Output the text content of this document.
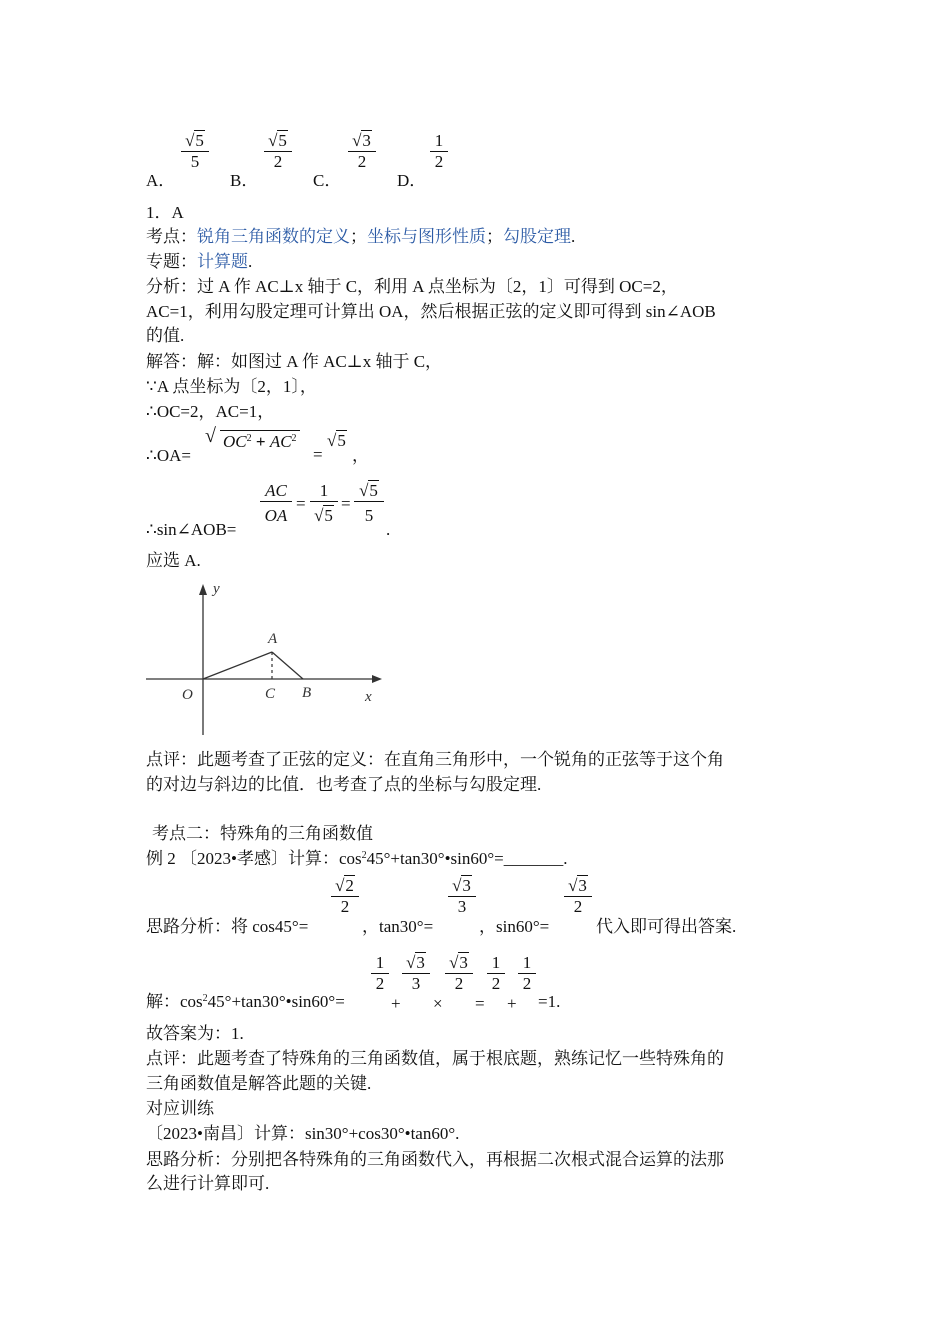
A．
$\frac{√5}{5}$
B．
$\frac{√5}{2}$
C．
$\frac{√3}{2}$
D．
$\frac{1}{2}$
1．A
考点：锐角三角函数的定义；坐标与图形性质；勾股定理.
专题：计算题.
分析：过 A 作 AC⊥x 轴于 C，利用 A 点坐标为〔2，1〕可得到 OC=2，
AC=1，利用勾股定理可计算出 OA，然后根据正弦的定义即可得到 sin∠AOB
的值.
解答：解：如图过 A 作 AC⊥x 轴于 C，
∵A 点坐标为〔2，1〕，
∴OC=2，AC=1，
∴OA=
√ $OC^2 + AC^2$
=
√5
，
∴sin∠AOB=
$\frac{AC}{OA} = \frac{1}{√5} = \frac{√5}{5}$
.
应选 A.
y
x
O
A
C B
点评：此题考查了正弦的定义：在直角三角形中，一个锐角的正弦等于这个角
的对边与斜边的比值．也考查了点的坐标与勾股定理.
考点二：特殊角的三角函数值
例 2 〔2023•孝感〕计算：$\cos^245^\circ+\tan 30^\circ•\sin 60^\circ=\_\_\_\_\_\_\_$.
思路分析：将 cos45°=
$\frac{√2}{2}$
，tan30°=
$\frac{√3}{3}$
，sin60°=
$\frac{√3}{2}$
代入即可得出答案.
解：$\cos^245^\circ+\tan 30^\circ•\sin 60^\circ=$
$\frac{1}{2}$
+
$\frac{√3}{3}$
×
$\frac{√3}{2}$
=
$\frac{1}{2}$
+
$\frac{1}{2}$
=1.
故答案为：1.
点评：此题考查了特殊角的三角函数值，属于根底题，熟练记忆一些特殊角的
三角函数值是解答此题的关键.
对应训练
〔2023•南昌〕计算：sin30°+cos30°•tan60°.
思路分析：分别把各特殊角的三角函数代入，再根据二次根式混合运算的法那
么进行计算即可.
